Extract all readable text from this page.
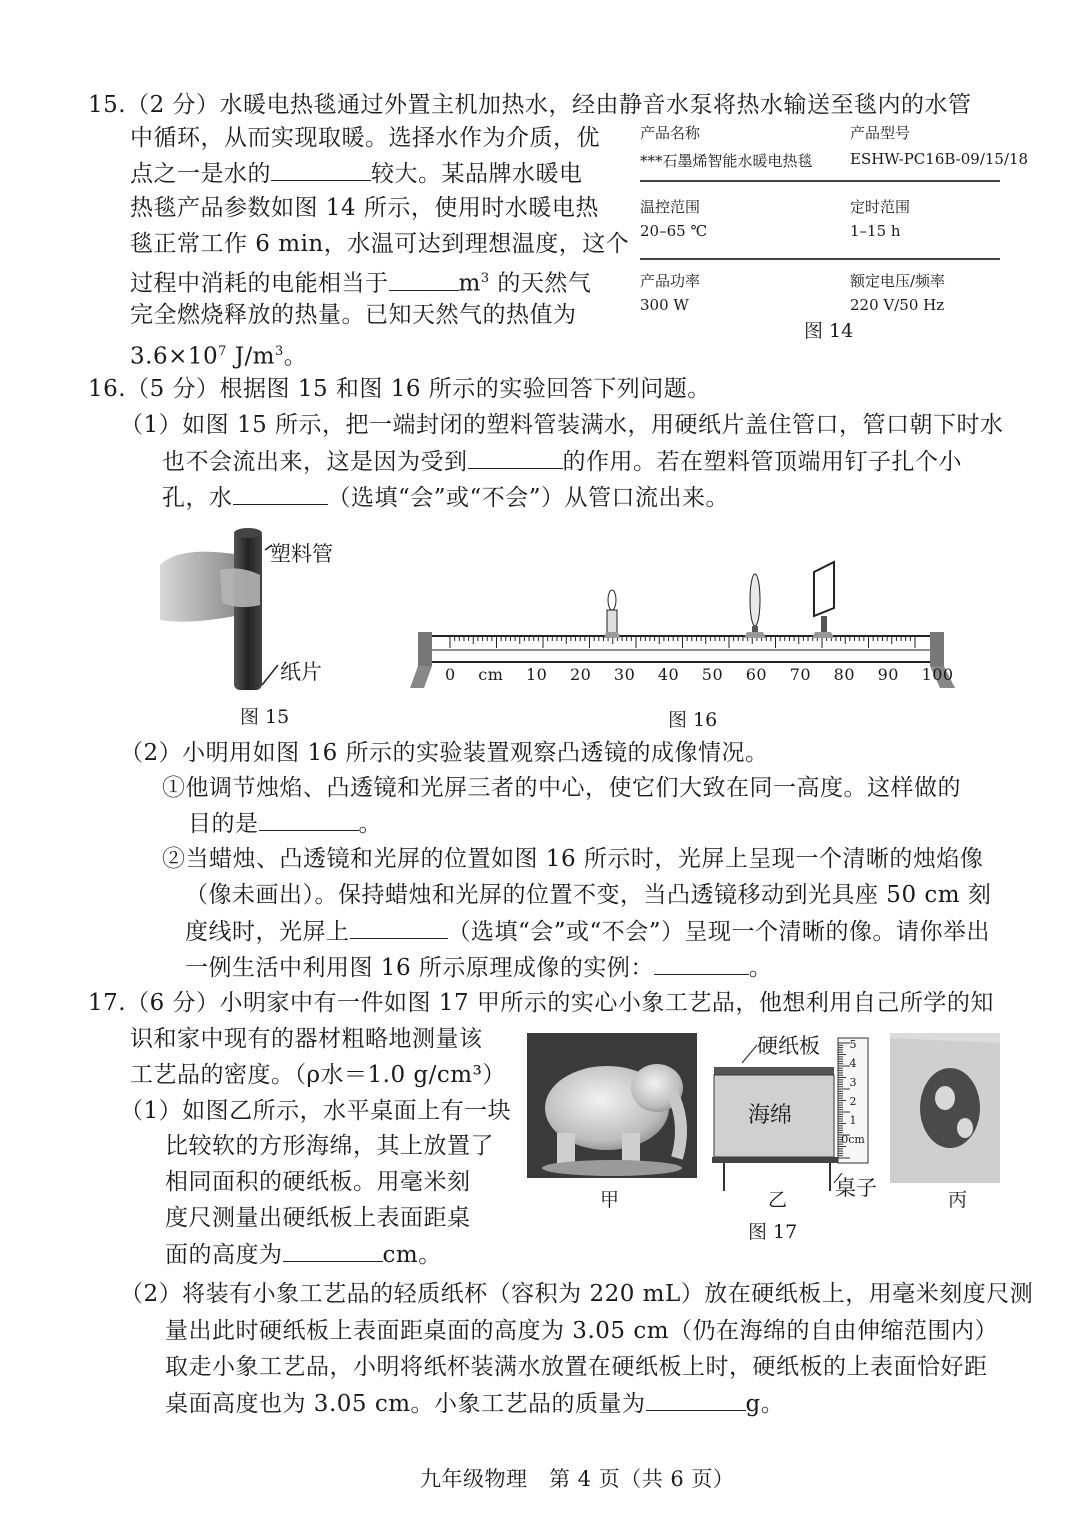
15.（2 分）水暖电热毯通过外置主机加热水，经由静音水泵将热水输送至毯内的水管
中循环，从而实现取暖。选择水作为介质，优
点之一是水的	较大。某品牌水暖电
热毯产品参数如图 14 所示，使用时水暖电热
毯正常工作 6 min，水温可达到理想温度，这个
过程中消耗的电能相当于	$m^3$ 的天然气
完全燃烧释放的热量。已知天然气的热值为
$3.6\times 10^7$ $J/m^3$。
产品名称	产品型号
***石墨烯智能水暖电热毯 ESHW-PC16B-09/15/18
温控范围	定时范围
20–65 ℃	1–15 h
产品功率	额定电压/频率
300 W	220 V/50 Hz
图 14
16.（5 分）根据图 15 和图 16 所示的实验回答下列问题。
（1）如图 15 所示，把一端封闭的塑料管装满水，用硬纸片盖住管口，管口朝下时水
也不会流出来，这是因为受到	的作用。若在塑料管顶端用钉子扎个小
孔，水	（选填“会”或“不会”）从管口流出来。
塑料管
纸片
图 15
0 cm 10 20 30 40 50 60 70 80 90 100
图 16
（2）小明用如图 16 所示的实验装置观察凸透镜的成像情况。
①他调节烛焰、凸透镜和光屏三者的中心，使它们大致在同一高度。这样做的
目的是	。
②当蜡烛、凸透镜和光屏的位置如图 16 所示时，光屏上呈现一个清晰的烛焰像
（像未画出）。保持蜡烛和光屏的位置不变，当凸透镜移动到光具座 50 cm 刻
度线时，光屏上	（选填“会”或“不会”）呈现一个清晰的像。请你举出
一例生活中利用图 16 所示原理成像的实例：	。
17.（6 分）小明家中有一件如图 17 甲所示的实心小象工艺品，他想利用自己所学的知
识和家中现有的器材粗略地测量该
工艺品的密度。（ρ水＝1.0 g/cm³）
（1）如图乙所示，水平桌面上有一块
比较软的方形海绵，其上放置了
相同面积的硬纸板。用毫米刻
度尺测量出硬纸板上表面距桌
面的高度为	cm。
甲
硬纸板
海绵
桌子
5
4
3
2
1
0cm
乙
图 17
丙
（2）将装有小象工艺品的轻质纸杯（容积为 220 mL）放在硬纸板上，用毫米刻度尺测
量出此时硬纸板上表面距桌面的高度为 3.05 cm（仍在海绵的自由伸缩范围内）
取走小象工艺品，小明将纸杯装满水放置在硬纸板上时，硬纸板的上表面恰好距
桌面高度也为 3.05 cm。小象工艺品的质量为	g。
九年级物理　第 4 页（共 6 页）
